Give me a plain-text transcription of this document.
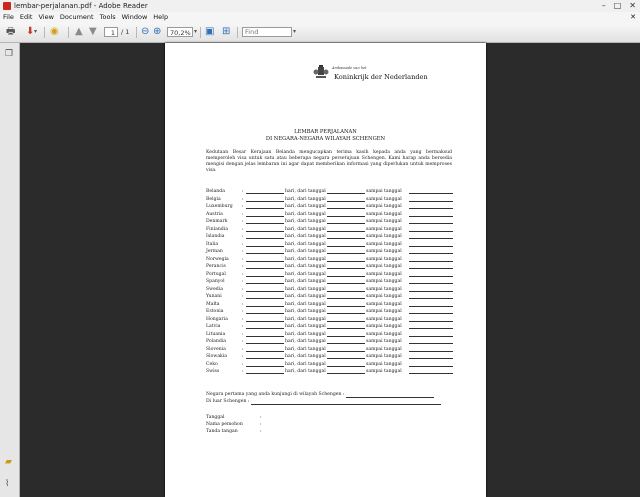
lembar-perjalanan.pdf - Adobe Reader	– □ ✕
File Edit View Document Tools Window Help	✕
🖶 ⬇ ▾ ◉ ▲ ▼	1 / 1 ⊖ ⊕	70,2% ▾ ▣ ⊞
Find	▾
❐
▰
⌇
Ambassade van het
Koninkrijk der Nederlanden
LEMBAR PERJALANAN
DI NEGARA-NEGARA WILAYAH SCHENGEN
Kedutaan Besar Kerajaan Belanda mengucapkan terima kasih kepada anda yang bermaksud memperoleh visa untuk satu atau beberapa negara persetujuan Schengen. Kami harap anda bersedia mengisi dengan jelas lembaran ini agar dapat memberikan informasi yang diperlukan untuk memproses visa.
Belanda	:	hari, dari tanggal	sampai tanggal
Belgia	:	hari, dari tanggal	sampai tanggal
Luxemburg :	hari, dari tanggal	sampai tanggal
Austria	:	hari, dari tanggal	sampai tanggal
Denmark	:	hari, dari tanggal	sampai tanggal
Finlandia	:	hari, dari tanggal	sampai tanggal
Islandia	:	hari, dari tanggal	sampai tanggal
Italia	:	hari, dari tanggal	sampai tanggal
Jerman	:	hari, dari tanggal	sampai tanggal
Norwegia	:	hari, dari tanggal	sampai tanggal
Perancis	:	hari, dari tanggal	sampai tanggal
Portugal	:	hari, dari tanggal	sampai tanggal
Spanyol	:	hari, dari tanggal	sampai tanggal
Swedia	:	hari, dari tanggal	sampai tanggal
Yunani	:	hari, dari tanggal	sampai tanggal
Malta	:	hari, dari tanggal	sampai tanggal
Estonia	:	hari, dari tanggal	sampai tanggal
Hongaria	:	hari, dari tanggal	sampai tanggal
Latvia	:	hari, dari tanggal	sampai tanggal
Lituania	:	hari, dari tanggal	sampai tanggal
Polandia	:	hari, dari tanggal	sampai tanggal
Slovenia	:	hari, dari tanggal	sampai tanggal
Slowakia	:	hari, dari tanggal	sampai tanggal
Ceko	:	hari, dari tanggal	sampai tanggal
Swiss	:	hari, dari tanggal	sampai tanggal
Negara pertama yang anda kunjungi di wilayah Schengen :
Di luar Schengen :
Tanggal	:
Nama pemohon	:
Tanda tangan	:
